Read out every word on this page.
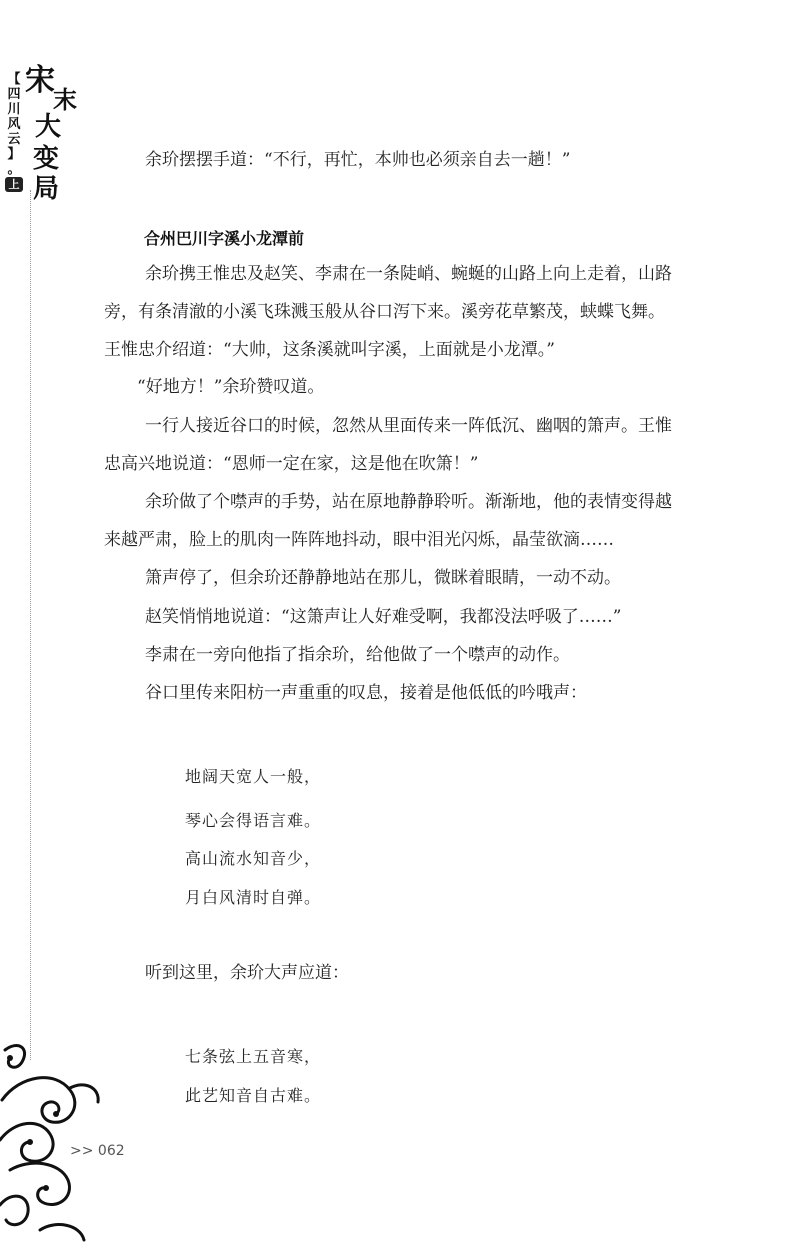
【
四
川
风
云
】
。
上
宋
末
大
变
局
余玠摆摆手道：“不行，再忙，本帅也必须亲自去一趟！”
合州巴川字溪小龙潭前
余玠携王惟忠及赵笑、李肃在一条陡峭、蜿蜒的山路上向上走着，山路
旁，有条清澈的小溪飞珠溅玉般从谷口泻下来。溪旁花草繁茂，蛱蝶飞舞。
王惟忠介绍道：“大帅，这条溪就叫字溪，上面就是小龙潭。”
“好地方！”余玠赞叹道。
一行人接近谷口的时候，忽然从里面传来一阵低沉、幽咽的箫声。王惟
忠高兴地说道：“恩师一定在家，这是他在吹箫！”
余玠做了个噤声的手势，站在原地静静聆听。渐渐地，他的表情变得越
来越严肃，脸上的肌肉一阵阵地抖动，眼中泪光闪烁，晶莹欲滴……
箫声停了，但余玠还静静地站在那儿，微眯着眼睛，一动不动。
赵笑悄悄地说道：“这箫声让人好难受啊，我都没法呼吸了……”
李肃在一旁向他指了指余玠，给他做了一个噤声的动作。
谷口里传来阳枋一声重重的叹息，接着是他低低的吟哦声：
地阔天宽人一般，
琴心会得语言难。
高山流水知音少，
月白风清时自弹。
听到这里，余玠大声应道：
七条弦上五音寒，
此艺知音自古难。
>> 062
